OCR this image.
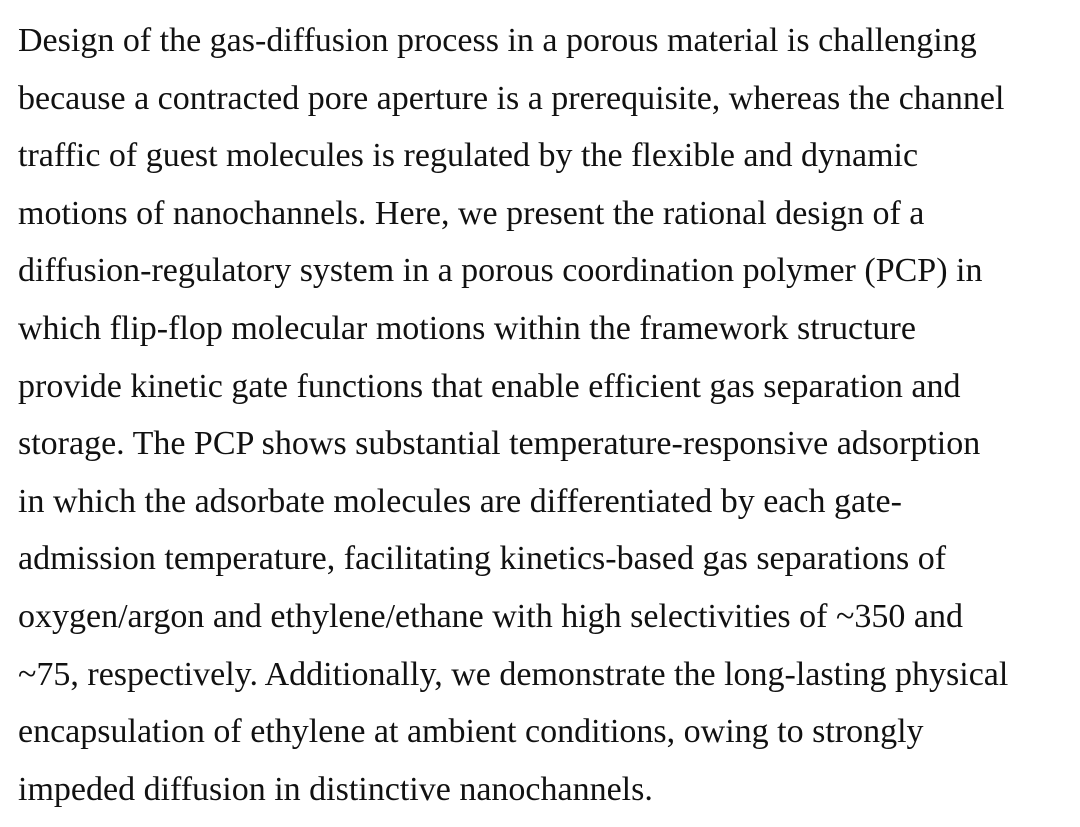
Design of the gas-diffusion process in a porous material is challenging
because a contracted pore aperture is a prerequisite, whereas the channel
traffic of guest molecules is regulated by the flexible and dynamic
motions of nanochannels. Here, we present the rational design of a
diffusion-regulatory system in a porous coordination polymer (PCP) in
which flip-flop molecular motions within the framework structure
provide kinetic gate functions that enable efficient gas separation and
storage. The PCP shows substantial temperature-responsive adsorption
in which the adsorbate molecules are differentiated by each gate-
admission temperature, facilitating kinetics-based gas separations of
oxygen/argon and ethylene/ethane with high selectivities of ~350 and
~75, respectively. Additionally, we demonstrate the long-lasting physical
encapsulation of ethylene at ambient conditions, owing to strongly
impeded diffusion in distinctive nanochannels.
